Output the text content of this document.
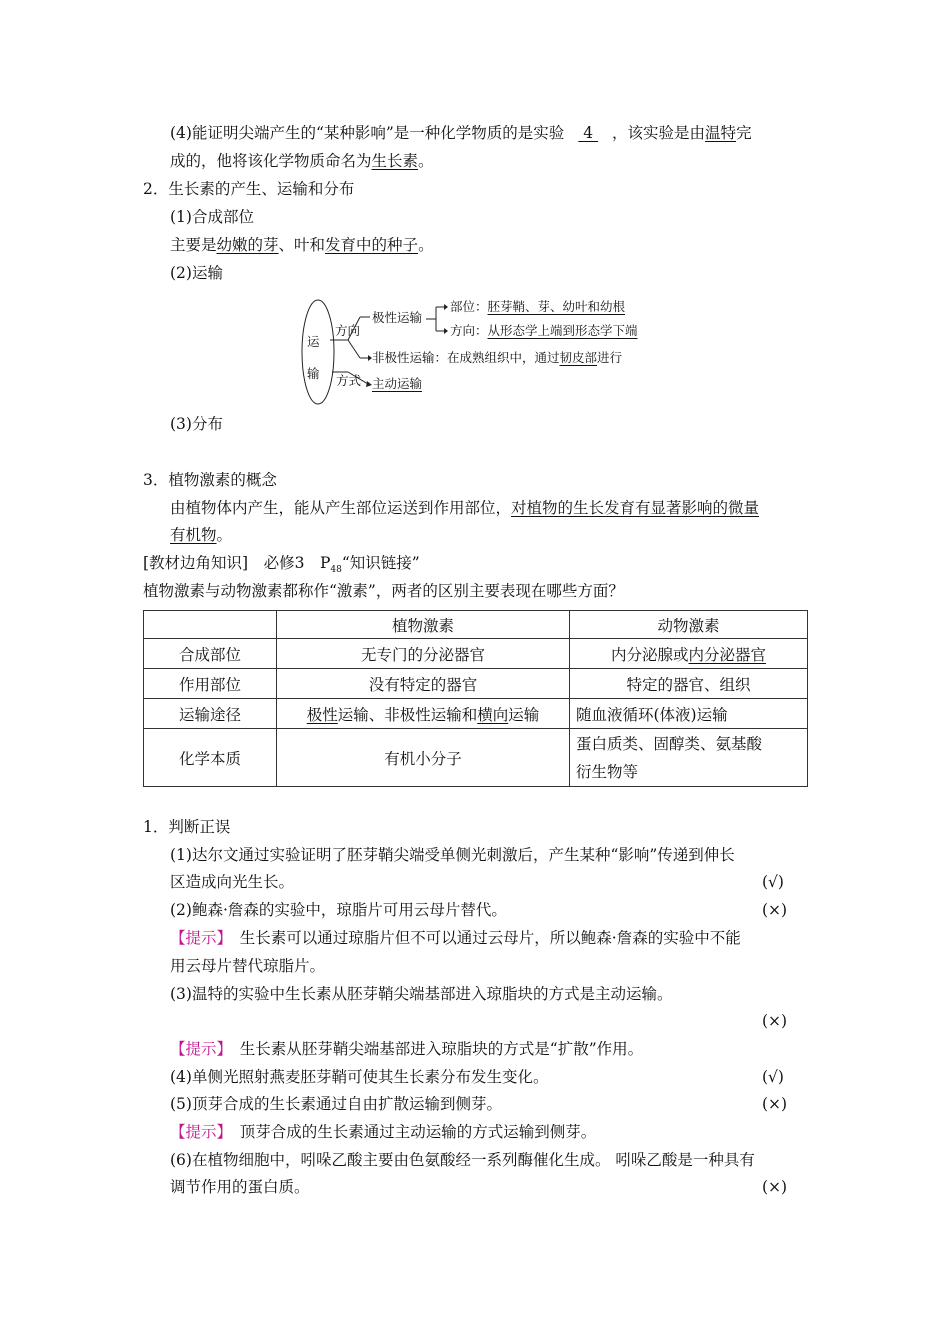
(4)能证明尖端产生的“某种影响”是一种化学物质的是实验 4 ，该实验是由温特完
成的，他将该化学物质命名为生长素。
2．生长素的产生、运输和分布
(1)合成部位
主要是幼嫩的芽、叶和发育中的种子。
(2)运输
运
输
方向
方式
极性运输
部位：胚芽鞘、芽、幼叶和幼根
方向：从形态学上端到形态学下端
非极性运输：在成熟组织中，通过韧皮部进行
主动运输
(3)分布
3．植物激素的概念
由植物体内产生，能从产生部位运送到作用部位，对植物的生长发育有显著影响的微量
有机物。
[教材边角知识]　必修3　$P_{48}“$知识链接”
植物激素与动物激素都称作“激素”，两者的区别主要表现在哪些方面？
	植物激素	动物激素
合成部位	无专门的分泌器官	内分泌腺或内分泌器官
作用部位	没有特定的器官	特定的器官、组织
运输途径	极性运输、非极性运输和横向运输	随血液循环(体液)运输
化学本质	有机小分子	蛋白质类、固醇类、氨基酸
衍生物等
1．判断正误
(1)达尔文通过实验证明了胚芽鞘尖端受单侧光刺激后，产生某种“影响”传递到伸长
区造成向光生长。	(√)
(2)鲍森·詹森的实验中，琼脂片可用云母片替代。	(×)
【提示】　生长素可以通过琼脂片但不可以通过云母片，所以鲍森·詹森的实验中不能
用云母片替代琼脂片。
(3)温特的实验中生长素从胚芽鞘尖端基部进入琼脂块的方式是主动运输。
(×)
【提示】　生长素从胚芽鞘尖端基部进入琼脂块的方式是“扩散”作用。
(4)单侧光照射燕麦胚芽鞘可使其生长素分布发生变化。	(√)
(5)顶芽合成的生长素通过自由扩散运输到侧芽。	(×)
【提示】　顶芽合成的生长素通过主动运输的方式运输到侧芽。
(6)在植物细胞中，吲哚乙酸主要由色氨酸经一系列酶催化生成。 吲哚乙酸是一种具有
调节作用的蛋白质。	(×)
